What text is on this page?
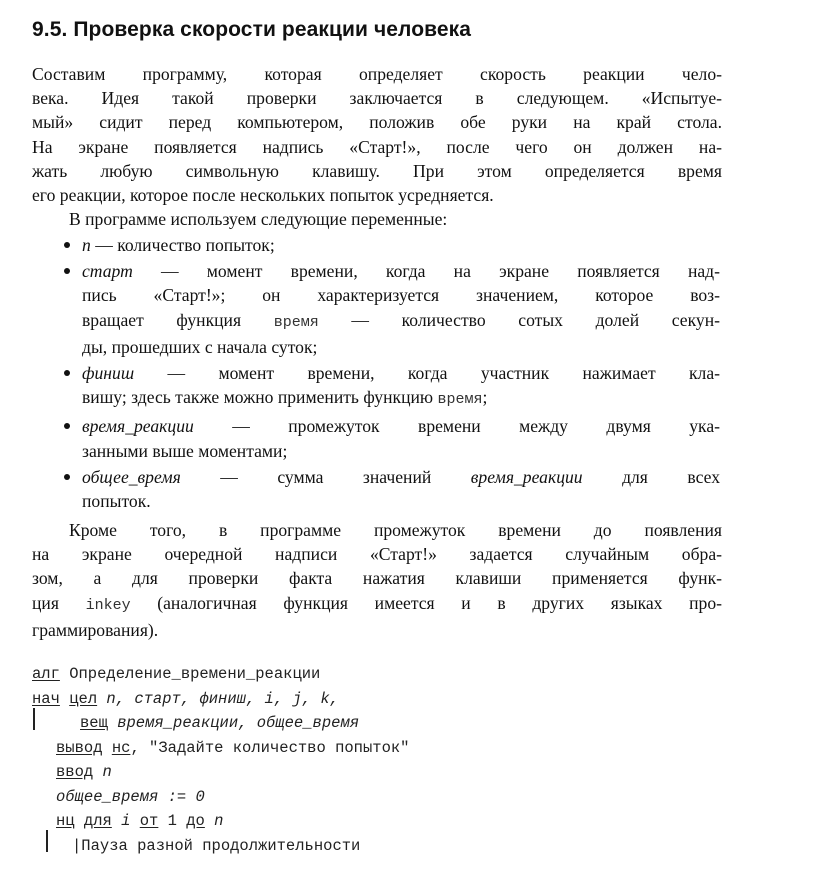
9.5. Проверка скорости реакции человека
Составим программу, которая определяет скорость реакции чело-
века. Идея такой проверки заключается в следующем. «Испытуе-
мый» сидит перед компьютером, положив обе руки на край стола.
На экране появляется надпись «Старт!», после чего он должен на-
жать любую символьную клавишу. При этом определяется время
его реакции, которое после нескольких попыток усредняется.
В программе используем следующие переменные:
n — количество попыток;
старт — момент времени, когда на экране появляется над-
пись «Старт!»; он характеризуется значением, которое воз-
вращает функция время — количество сотых долей секун-
ды, прошедших с начала суток;
финиш — момент времени, когда участник нажимает кла-
вишу; здесь также можно применить функцию время;
время_реакции — промежуток времени между двумя ука-
занными выше моментами;
общее_время — сумма значений время_реакции для всех
попыток.
Кроме того, в программе промежуток времени до появления
на экране очередной надписи «Старт!» задается случайным обра-
зом, а для проверки факта нажатия клавиши применяется функ-
ция inkey (аналогичная функция имеется и в других языках про-
граммирования).
алг Определение_времени_реакции
нач цел n, старт, финиш, i, j, k,
вещ время_реакции, общее_время
вывод нс, "Задайте количество попыток"
ввод n
общее_время := 0
нц для i от 1 до n
|Пауза разной продолжительности
